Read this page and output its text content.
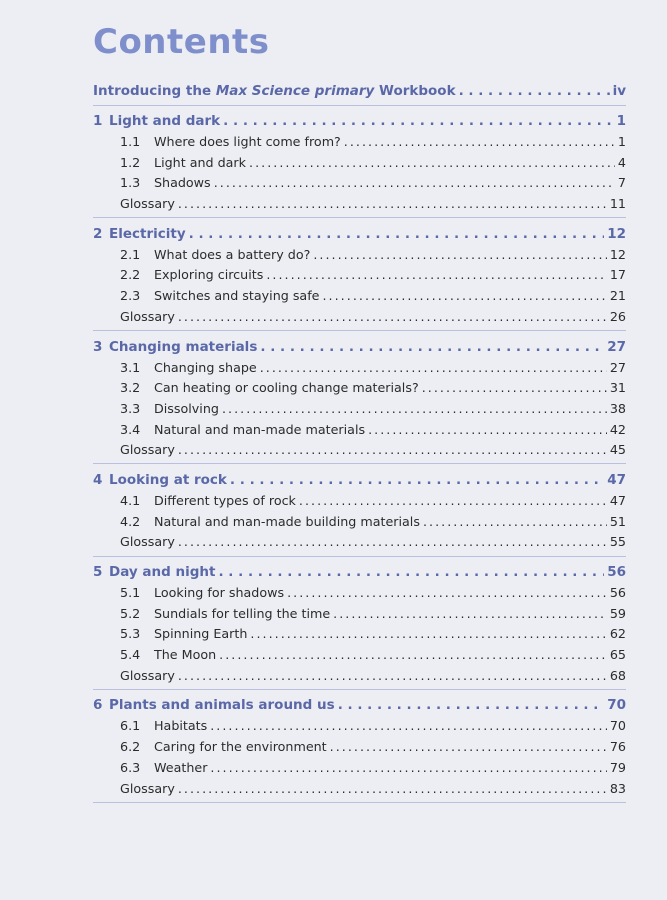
Contents
Introducing the Max Science primary Workbook . . .	iv
1 Light and dark . . .	1
1.1	Where does light come from? . . .	1
1.2	Light and dark . . .	4
1.3	Shadows . . .	7
Glossary . . .	11
2 Electricity . . .	12
2.1	What does a battery do? . . .	12
2.2	Exploring circuits . . .	17
2.3	Switches and staying safe . . .	21
Glossary . . .	26
3 Changing materials . . .	27
3.1	Changing shape . . .	27
3.2	Can heating or cooling change materials? . . .	31
3.3	Dissolving . . .	38
3.4	Natural and man-made materials . . .	42
Glossary . . .	45
4 Looking at rock . . .	47
4.1	Different types of rock . . .	47
4.2	Natural and man-made building materials . . .	51
Glossary . . .	55
5 Day and night . . .	56
5.1	Looking for shadows . . .	56
5.2	Sundials for telling the time . . .	59
5.3	Spinning Earth . . .	62
5.4	The Moon . . .	65
Glossary . . .	68
6 Plants and animals around us . . .	70
6.1	Habitats . . .	70
6.2	Caring for the environment . . .	76
6.3	Weather . . .	79
Glossary . . .	83
